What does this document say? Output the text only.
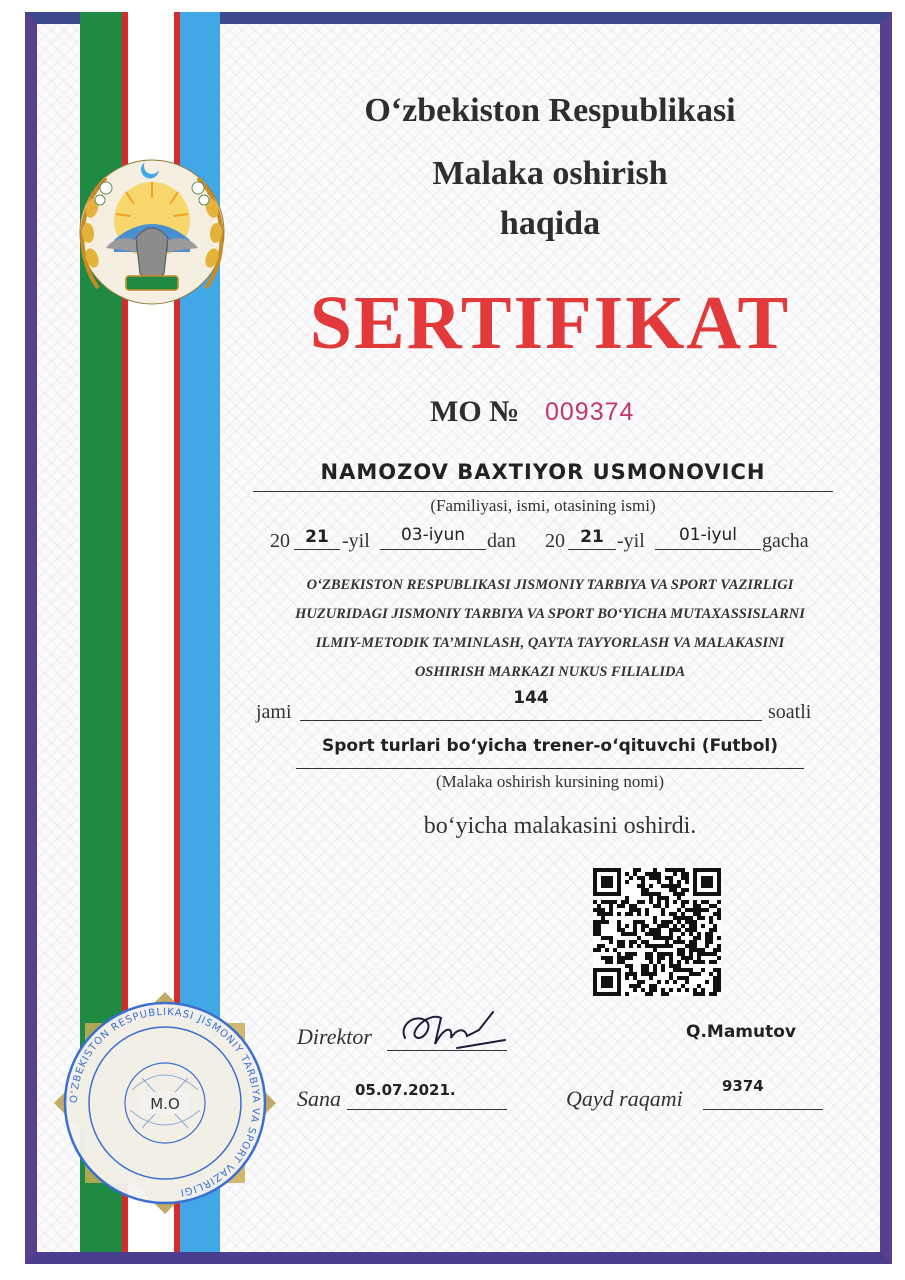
O‘zbekiston Respublikasi
Malaka oshirish
haqida
SERTIFIKAT
MO № 009374
NAMOZOV BAXTIYOR USMONOVICH
(Familiyasi, ismi, otasining ismi)
20 21 -yil	03-iyun	dan 20 21 -yil	01-iyul	gacha
O‘ZBEKISTON RESPUBLIKASI JISMONIY TARBIYA VA SPORT VAZIRLIGI
HUZURIDAGI JISMONIY TARBIYA VA SPORT BO‘YICHA MUTAXASSISLARNI
ILMIY-METODIK TA’MINLASH, QAYTA TAYYORLASH VA MALAKASINI
OSHIRISH MARKAZI NUKUS FILIALIDA
jami
144
soatli
Sport turlari bo‘yicha trener-o‘qituvchi (Futbol)
(Malaka oshirish kursining nomi)
bo‘yicha malakasini oshirdi.
Direktor	Q.Mamutov
Sana 05.07.2021.	Qayd raqami	9374
O‘ZBEKISTON RESPUBLIKASI JISMONIY TARBIYA VA SPORT VAZIRLIGI
M.O
